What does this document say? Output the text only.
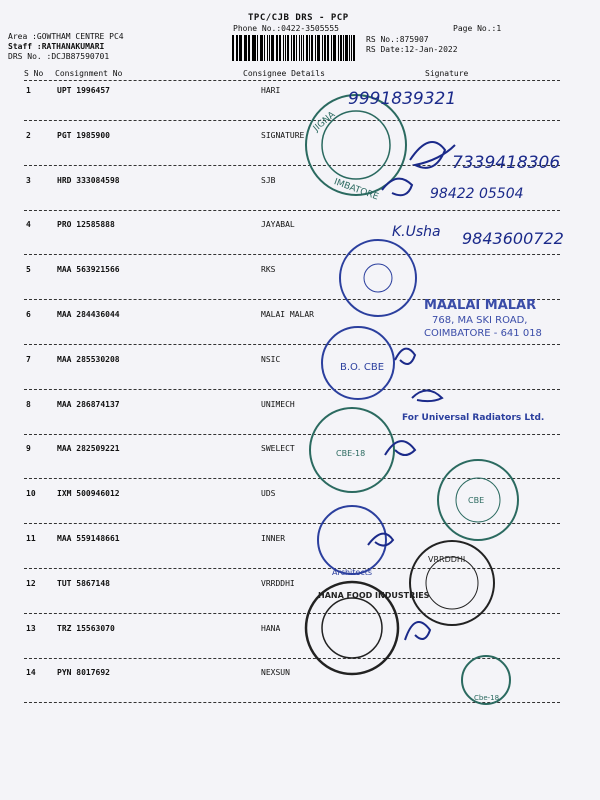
TPC/CJB DRS - PCP
Phone No.:0422-3505555	Page No.:1
RS No.:875907
RS Date:12-Jan-2022
Area :GOWTHAM CENTRE PC4
Staff :RATHANAKUMARI
DRS No. :DCJB87590701
S No Consignment No	Consignee Details	Signature
1	UPT 1996457	HARI
2	PGT 1985900	SIGNATURE
3	HRD 333084598	SJB
4	PRO 12585888	JAYABAL
5	MAA 563921566	RKS
6	MAA 284436044	MALAI MALAR
7	MAA 285530208	NSIC
8	MAA 286874137	UNIMECH
9	MAA 282509221	SWELECT
10	IXM 500946012	UDS
11	MAA 559148661	INNER
12	TUT 5867148	VRRDDHI
13	TRZ 15563070	HANA
14	PYN 8017692	NEXSUN
JIGNA
IMBATORE
9991839321
7339418306
98422 05504
K.Usha 9843600722
MAALAI MALAR
768, MA SKI ROAD,
COIMBATORE - 641 018
B.O. CBE
For Universal Radiators Ltd.
CBE-18
CBE
Architects
VRRDDHI
HANA FOOD INDUSTRIES
Cbe-18
